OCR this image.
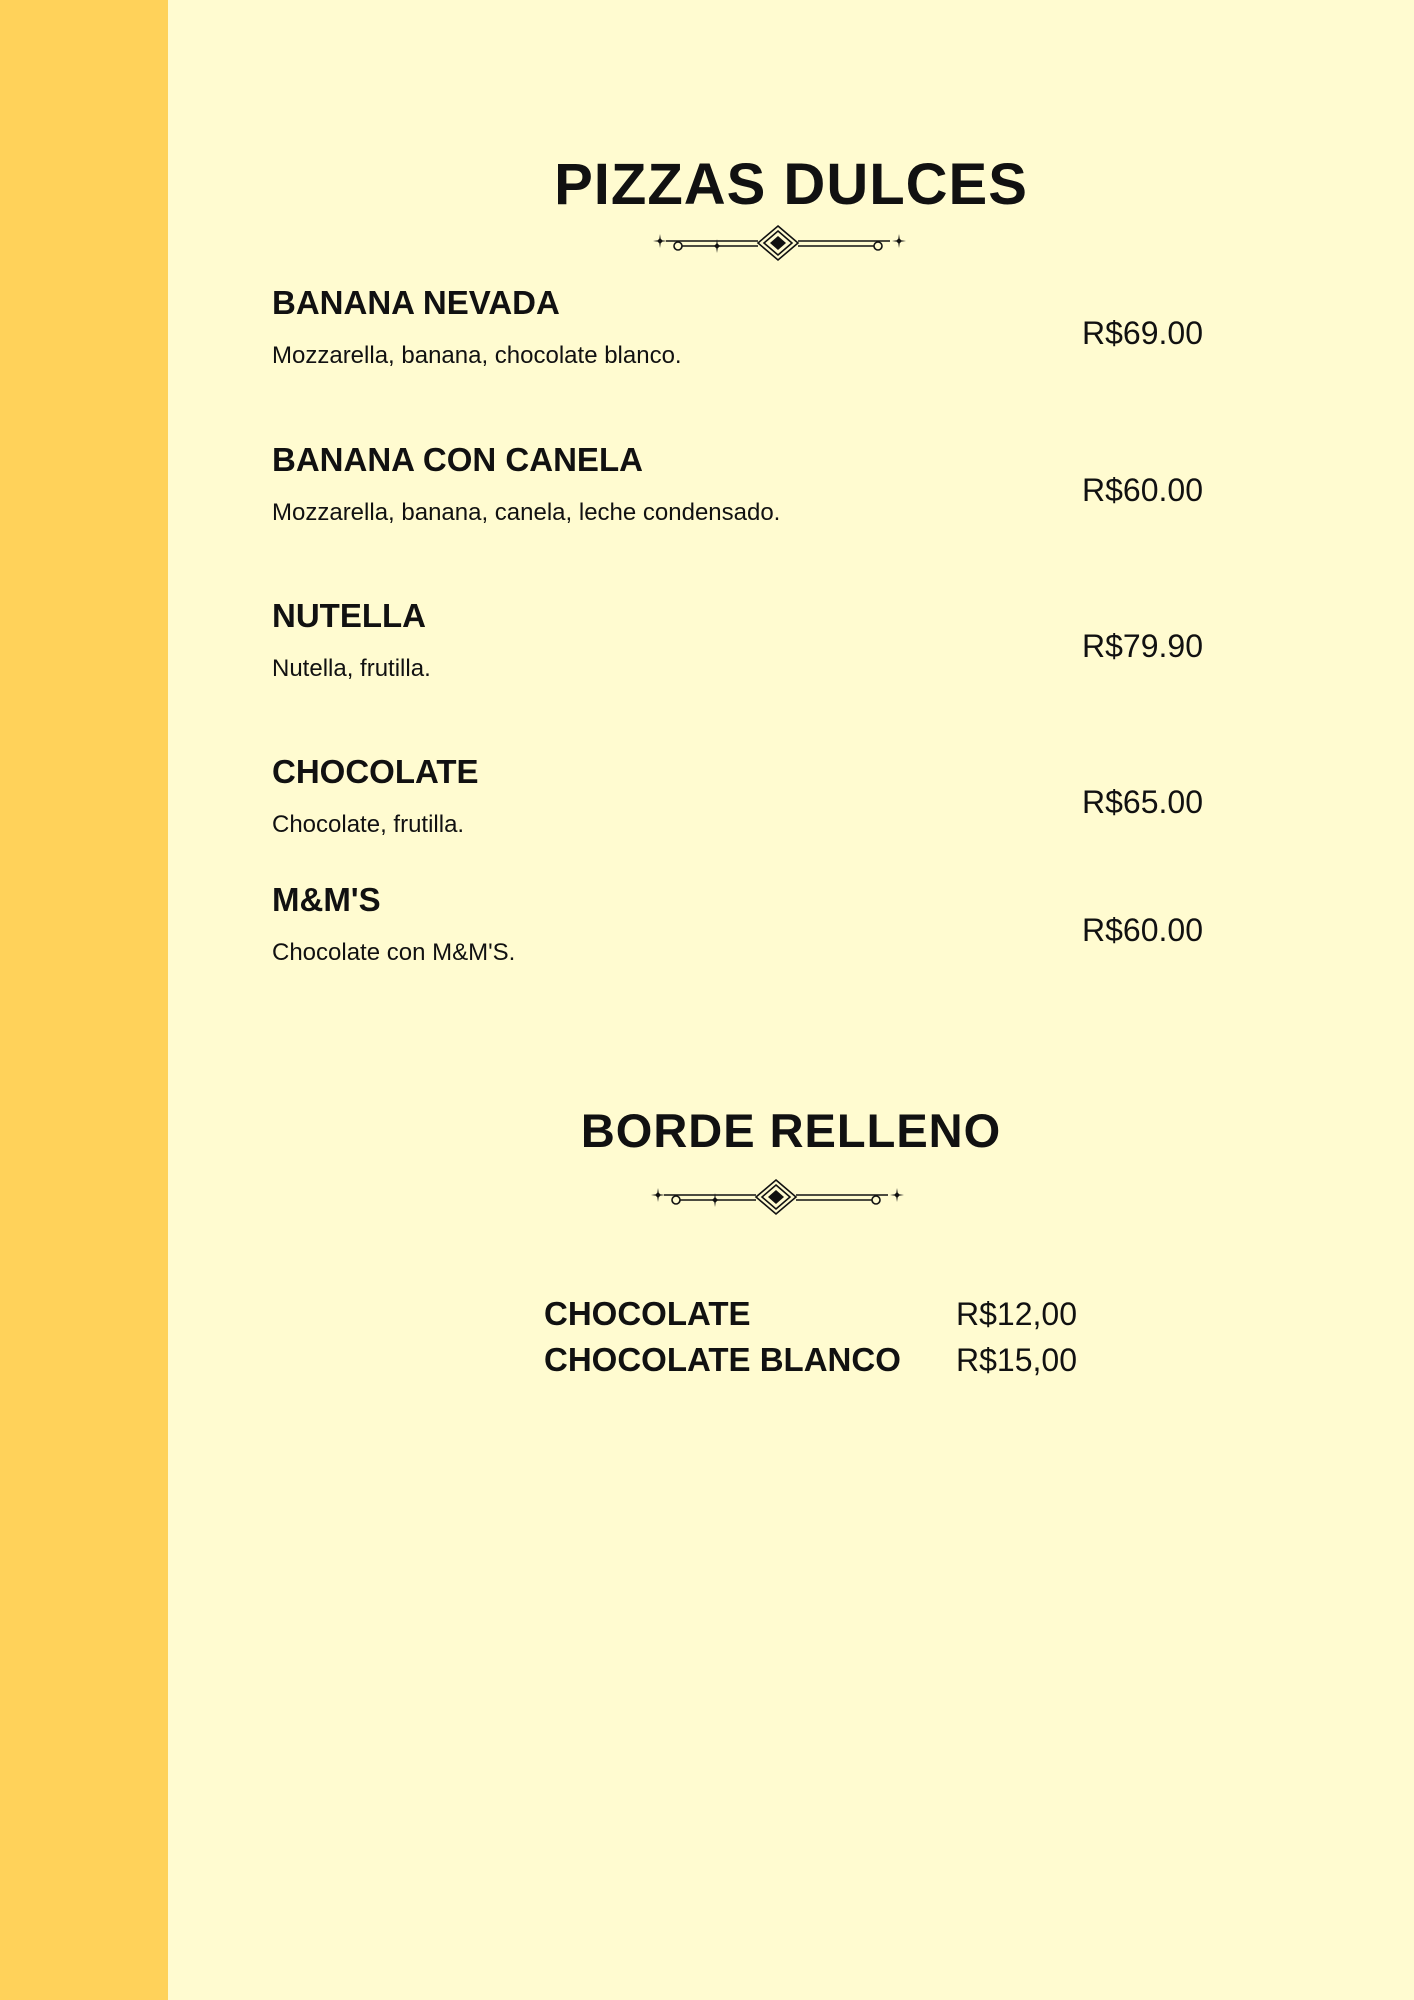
PIZZAS DULCES
BANANA NEVADA
Mozzarella, banana, chocolate blanco.
R$69.00
BANANA CON CANELA
Mozzarella, banana, canela, leche condensado.
R$60.00
NUTELLA
Nutella, frutilla.
R$79.90
CHOCOLATE
Chocolate, frutilla.
R$65.00
M&M'S
Chocolate con M&M'S.
R$60.00
BORDE RELLENO
CHOCOLATE	R$12,00
CHOCOLATE BLANCO R$15,00
